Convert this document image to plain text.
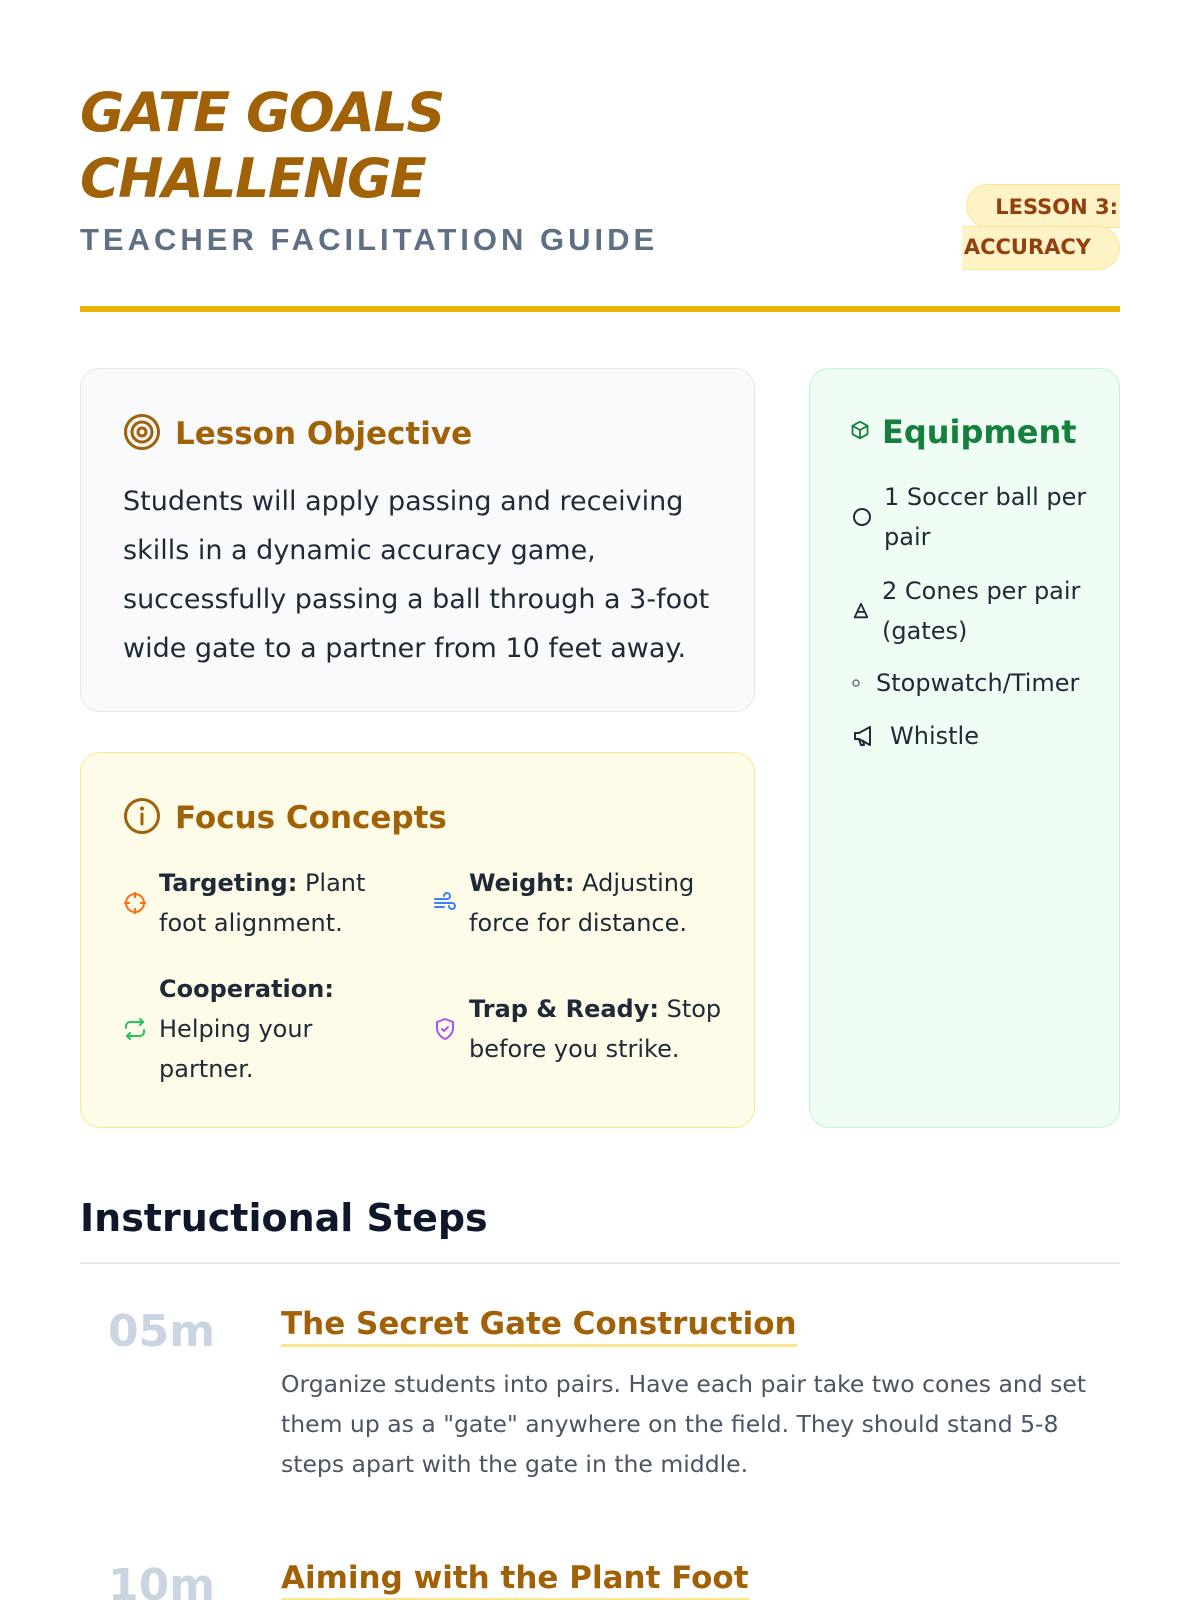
GATE GOALS
CHALLENGE
TEACHER FACILITATION GUIDE
LESSON 3:
ACCURACY
Lesson Objective
Students will apply passing and receiving skills in a dynamic accuracy game, successfully passing a ball through a 3-foot wide gate to a partner from 10 feet away.
Focus Concepts
Targeting: Plant foot alignment.
Weight: Adjusting force for distance.
Cooperation: Helping your partner.
Trap & Ready: Stop before you strike.
Equipment
1 Soccer ball per pair
2 Cones per pair (gates)
Stopwatch/Timer
Whistle
Instructional Steps
05m The Secret Gate Construction
Organize students into pairs. Have each pair take two cones and set them up as a "gate" anywhere on the field. They should stand 5-8 steps apart with the gate in the middle.
10m Aiming with the Plant Foot
